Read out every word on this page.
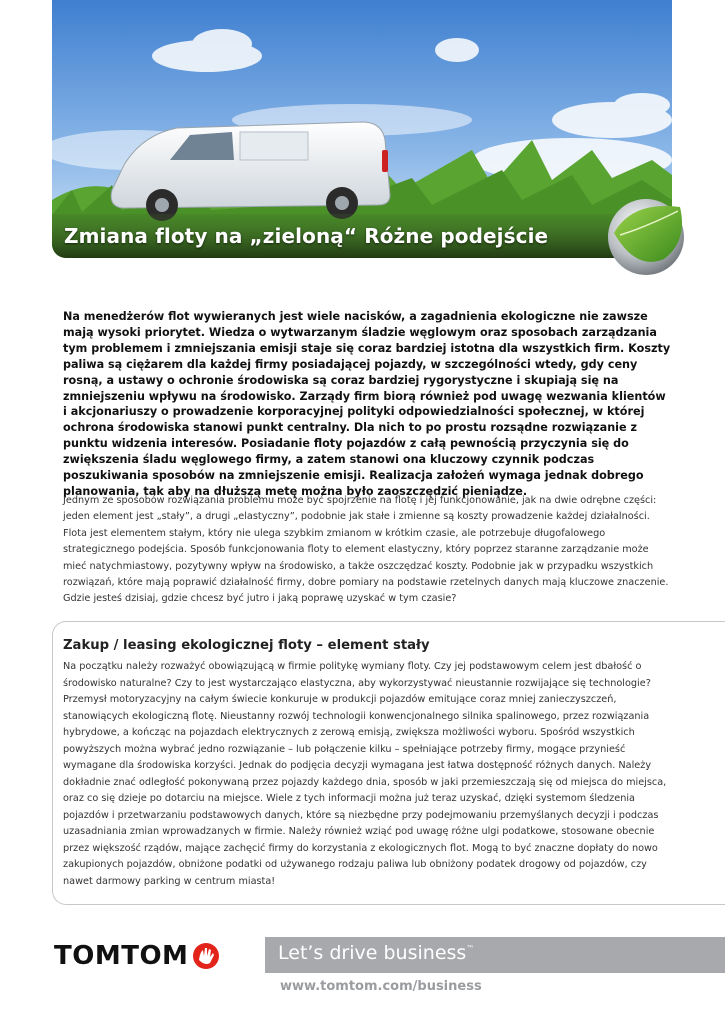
Zmiana floty na „zieloną“ Różne podejście

Na menedżerów flot wywieranych jest wiele nacisków, a zagadnienia ekologiczne nie zawsze mają wysoki priorytet. Wiedza o wytwarzanym śladzie węglowym oraz sposobach zarządzania tym problemem i zmniejszania emisji staje się coraz bardziej istotna dla wszystkich firm. Koszty paliwa są ciężarem dla każdej firmy posiadającej pojazdy, w szczególności wtedy, gdy ceny rosną, a ustawy o ochronie środowiska są coraz bardziej rygorystyczne i skupiają się na zmniejszeniu wpływu na środowisko. Zarządy firm biorą również pod uwagę wezwania klientów i akcjonariuszy o prowadzenie korporacyjnej polityki odpowiedzialności społecznej, w której ochrona środowiska stanowi punkt centralny. Dla nich to po prostu rozsądne rozwiązanie z punktu widzenia interesów. Posiadanie floty pojazdów z całą pewnością przyczynia się do zwiększenia śladu węglowego firmy, a zatem stanowi ona kluczowy czynnik podczas poszukiwania sposobów na zmniejszenie emisji. Realizacja założeń wymaga jednak dobrego planowania, tak aby na dłuższą metę można było zaoszczędzić pieniądze.

Jednym ze sposobów rozwiązania problemu może być spojrzenie na flotę i jej funkcjonowanie, jak na dwie odrębne części: jeden element jest „stały”, a drugi „elastyczny”, podobnie jak stałe i zmienne są koszty prowadzenie każdej działalności. Flota jest elementem stałym, który nie ulega szybkim zmianom w krótkim czasie, ale potrzebuje długofalowego strategicznego podejścia. Sposób funkcjonowania floty to element elastyczny, który poprzez staranne zarządzanie może mieć natychmiastowy, pozytywny wpływ na środowisko, a także oszczędzać koszty. Podobnie jak w przypadku wszystkich rozwiązań, które mają poprawić działalność firmy, dobre pomiary na podstawie rzetelnych danych mają kluczowe znaczenie. Gdzie jesteś dzisiaj, gdzie chcesz być jutro i jaką poprawę uzyskać w tym czasie?

Zakup / leasing ekologicznej floty – element stały

Na początku należy rozważyć obowiązującą w firmie politykę wymiany floty. Czy jej podstawowym celem jest dbałość o środowisko naturalne? Czy to jest wystarczająco elastyczna, aby wykorzystywać nieustannie rozwijające się technologie? Przemysł motoryzacyjny na całym świecie konkuruje w produkcji pojazdów emitujące coraz mniej zanieczyszczeń, stanowiących ekologiczną flotę. Nieustanny rozwój technologii konwencjonalnego silnika spalinowego, przez rozwiązania hybrydowe, a kończąc na pojazdach elektrycznych z zerową emisją, zwiększa możliwości wyboru. Spośród wszystkich powyższych można wybrać jedno rozwiązanie – lub połączenie kilku – spełniające potrzeby firmy, mogące przynieść wymagane dla środowiska korzyści. Jednak do podjęcia decyzji wymagana jest łatwa dostępność różnych danych. Należy dokładnie znać odległość pokonywaną przez pojazdy każdego dnia, sposób w jaki przemieszczają się od miejsca do miejsca, oraz co się dzieje po dotarciu na miejsce. Wiele z tych informacji można już teraz uzyskać, dzięki systemom śledzenia pojazdów i przetwarzaniu podstawowych danych, które są niezbędne przy podejmowaniu przemyślanych decyzji i podczas uzasadniania zmian wprowadzanych w firmie. Należy również wziąć pod uwagę różne ulgi podatkowe, stosowane obecnie przez większość rządów, mające zachęcić firmy do korzystania z ekologicznych flot. Mogą to być znaczne dopłaty do nowo zakupionych pojazdów, obniżone podatki od używanego rodzaju paliwa lub obniżony podatek drogowy od pojazdów, czy nawet darmowy parking w centrum miasta!

TOMTOM	Let’s drive business™

www.tomtom.com/business
